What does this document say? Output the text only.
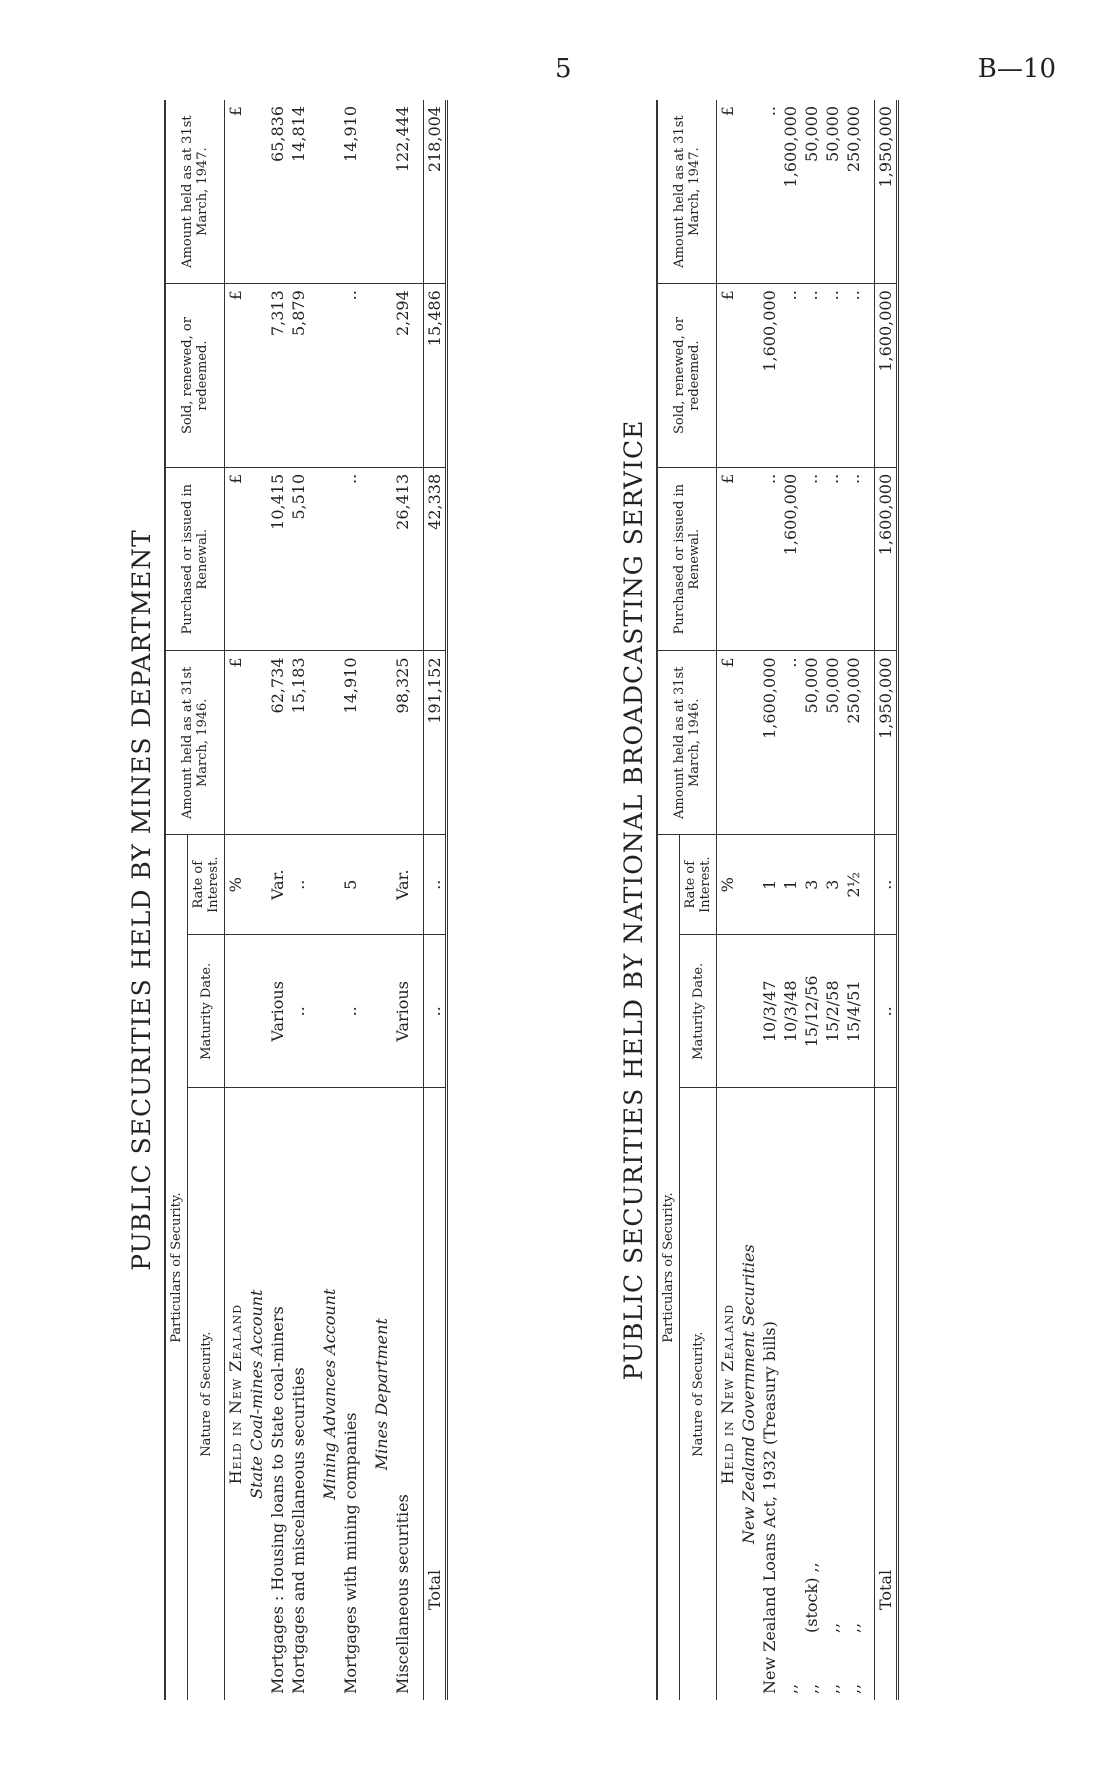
5	B—10
PUBLIC SECURITIES HELD BY MINES DEPARTMENT	Particulars of Security.			Amount held as at 31st March, 1946.	Purchased or issued in Renewal.	Sold, renewed, or redeemed.	Amount held as at 31st March, 1947.
Nature of Security.	Maturity Date.	Rate of Interest.				
Held in New Zealand		%	£	£	£	£
State Coal-mines Account						
Mortgages : Housing loans to State coal-miners	Various	Var.	62,734	10,415	7,313	65,836
Mortgages and miscellaneous securities	..	..	15,183	5,510	5,879	14,814

Mining Advances Account						
Mortgages with mining companies	..	5	14,910	..	..	14,910

Mines Department						
Miscellaneous securities	Various	Var.	98,325	26,413	2,294	122,444

Total	..	..	191,152	42,338	15,486	218,004
PUBLIC SECURITIES HELD BY NATIONAL BROADCASTING SERVICE	Particulars of Security.			Amount held as at 31st March, 1946.	Purchased or issued in Renewal.	Sold, renewed, or redeemed.	Amount held as at 31st March, 1947.
Nature of Security.	Maturity Date.	Rate of Interest.				
Held in New Zealand		%	£	£	£	£
New Zealand Government Securities						
New Zealand Loans Act, 1932 (Treasury bills)	10/3/47	1	1,600,000	..	1,600,000	..
,,	10/3/48	1	..	1,600,000	..	1,600,000
,,          (stock) ,,	15/12/56	3	50,000	..	..	50,000
,,          ,,	15/2/58	3	50,000	..	..	50,000
,,          ,,	15/4/51	2½	250,000	..	..	250,000

Total	..	..	1,950,000	1,600,000	1,600,000	1,950,000
